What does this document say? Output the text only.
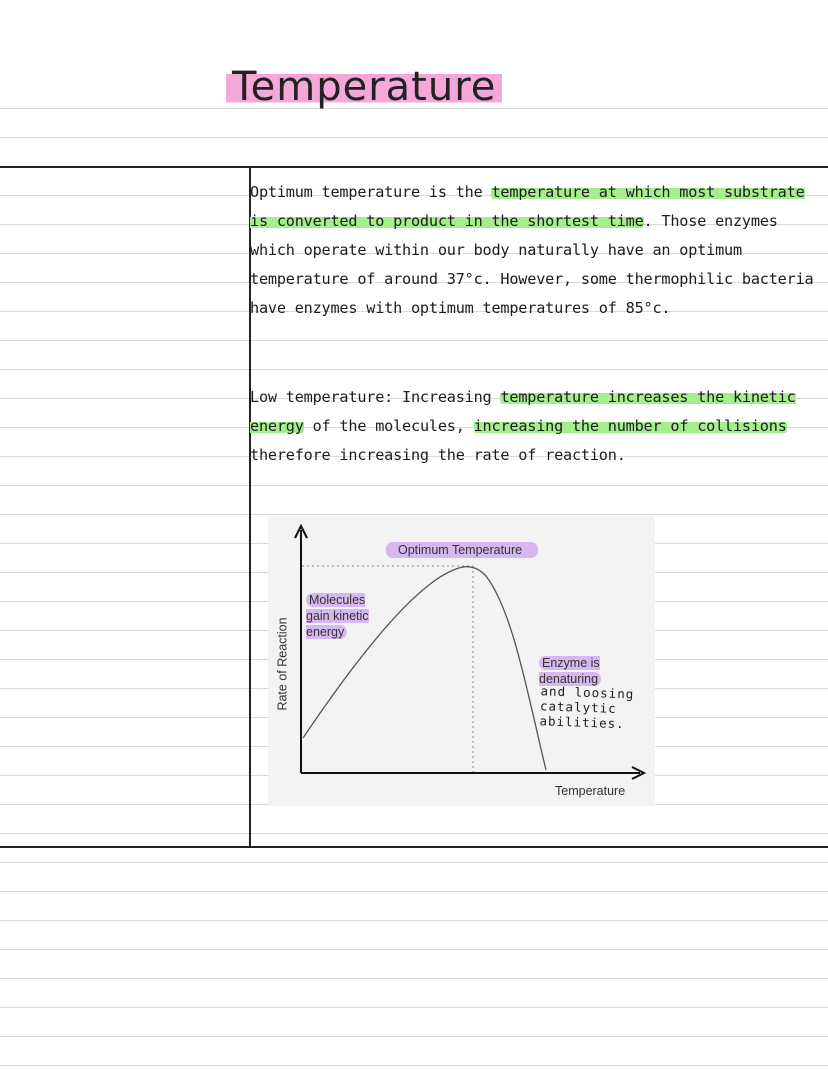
Temperature

Optimum temperature is the temperature at which most substrate is converted to product in the shortest time. Those enzymes which operate within our body naturally have an optimum temperature of around 37°c. However, some thermophilic bacteria have enzymes with optimum temperatures of 85°c.

Low temperature: Increasing temperature increases the kinetic energy of the molecules, increasing the number of collisions therefore increasing the rate of reaction.

Optimum Temperature
Molecules gain kinetic energy
Enzyme is denaturing
and loosing catalytic abilities.
Temperature
Rate of Reaction
